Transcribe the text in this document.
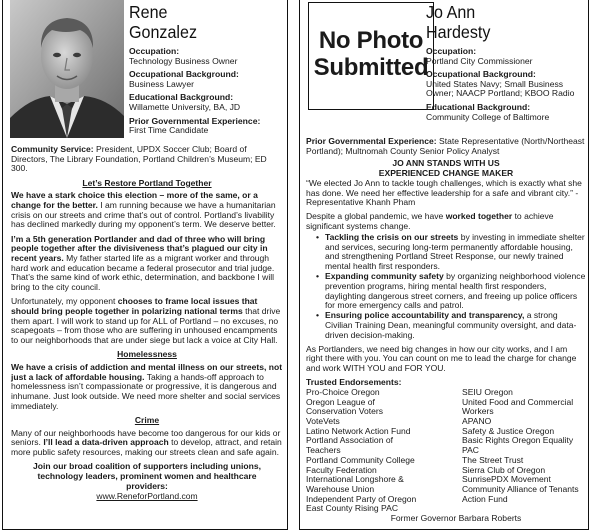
Rene
Gonzalez
Occupation:
Technology Business Owner
Occupational Background:
Business Lawyer
Educational Background:
Willamette University, BA, JD
Prior Governmental Experience:
First Time Candidate

Community Service: President, UPDX Soccer Club; Board of Directors, The Library Foundation, Portland Children’s Museum; ED 300.

Let’s Restore Portland Together

We have a stark choice this election – more of the same, or a change for the better. I am running because we have a humanitarian crisis on our streets and crime that’s out of control. Portland’s livability has declined markedly during my opponent’s term. We deserve better.

I’m a 5th generation Portlander and dad of three who will bring people together after the divisiveness that’s plagued our city in recent years. My father started life as a migrant worker and through hard work and education became a federal prosecutor and trial judge. That’s the same kind of work ethic, determination, and backbone I will bring to the city council.

Unfortunately, my opponent chooses to frame local issues that should bring people together in polarizing national terms that drive them apart. I will work to stand up for ALL of Portland – no excuses, no scapegoats – from those who are suffering in unhoused encampments to our neighborhoods that are under siege but lack a voice at City Hall.

Homelessness

We have a crisis of addiction and mental illness on our streets, not just a lack of affordable housing. Taking a hands-off approach to homelessness isn’t compassionate or progressive, it is dangerous and inhumane. Just look outside. We need more shelter and social services immediately.

Crime

Many of our neighborhoods have become too dangerous for our kids or seniors. I’ll lead a data-driven approach to develop, attract, and retain more public safety resources, making our streets clean and safe again.

Join our broad coalition of supporters including unions, technology leaders, prominent women and healthcare providers:
www.ReneforPortland.com
No Photo
Submitted
Jo Ann
Hardesty
Occupation:
Portland City Commissioner
Occupational Background:
United States Navy; Small Business Owner; NAACP Portland; KBOO Radio
Educational Background:
Community College of Baltimore

Prior Governmental Experience: State Representative (North/Northeast Portland); Multnomah County Senior Policy Analyst

JO ANN STANDS WITH US
EXPERIENCED CHANGE MAKER

“We elected Jo Ann to tackle tough challenges, which is exactly what she has done. We need her effective leadership for a safe and vibrant city.” - Representative Khanh Pham

Despite a global pandemic, we have worked together to achieve significant systems change.

• Tackling the crisis on our streets by investing in immediate shelter and services, securing long-term permanently affordable housing, and strengthening Portland Street Response, our newly trained mental health first responders.
• Expanding community safety by organizing neighborhood violence prevention programs, hiring mental health first responders, daylighting dangerous street corners, and freeing up police officers for more emergency calls and patrol.
• Ensuring police accountability and transparency, a strong Civilian Training Dean, meaningful community oversight, and data-driven decision-making.

As Portlanders, we need big changes in how our city works, and I am right there with you. You can count on me to lead the charge for change and work WITH YOU and FOR YOU.

Trusted Endorsements:
Pro-Choice Oregon
Oregon League of
Conservation Voters
VoteVets
Latino Network Action Fund
Portland Association of
Teachers
Portland Community College
Faculty Federation
International Longshore &
Warehouse Union
Independent Party of Oregon
East County Rising PAC
SEIU Oregon
United Food and Commercial
Workers
APANO
Safety & Justice Oregon
Basic Rights Oregon Equality
PAC
The Street Trust
Sierra Club of Oregon
SunrisePDX Movement
Community Alliance of Tenants
Action Fund
Former Governor Barbara Roberts
